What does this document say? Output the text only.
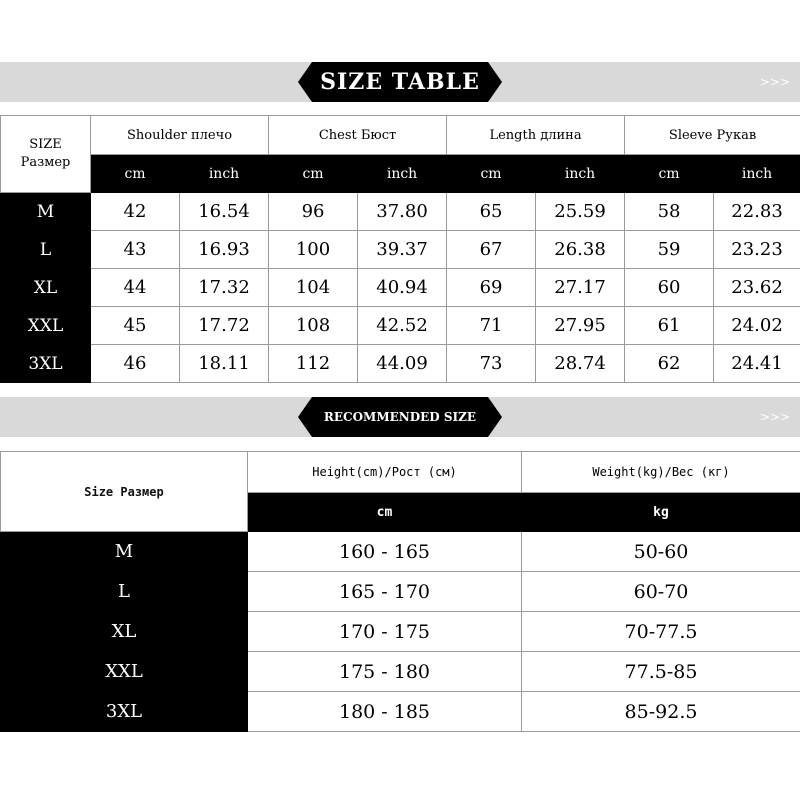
SIZE TABLE	>>>
SIZE
Размер	Shoulder плечо		Chest Бюст		Length длина		Sleeve Рукав	
	cm	inch	cm	inch	cm	inch	cm	inch
M	42	16.54	96	37.80	65	25.59	58	22.83
L	43	16.93	100	39.37	67	26.38	59	23.23
XL	44	17.32	104	40.94	69	27.17	60	23.62
XXL	45	17.72	108	42.52	71	27.95	61	24.02
3XL	46	18.11	112	44.09	73	28.74	62	24.41
RECOMMENDED SIZE	>>>
Size Размер	Height(cm)/Рост (см)	Weight(kg)/Вес (кг)
	cm	kg
M	160 - 165	50-60
L	165 - 170	60-70
XL	170 - 175	70-77.5
XXL	175 - 180	77.5-85
3XL	180 - 185	85-92.5
